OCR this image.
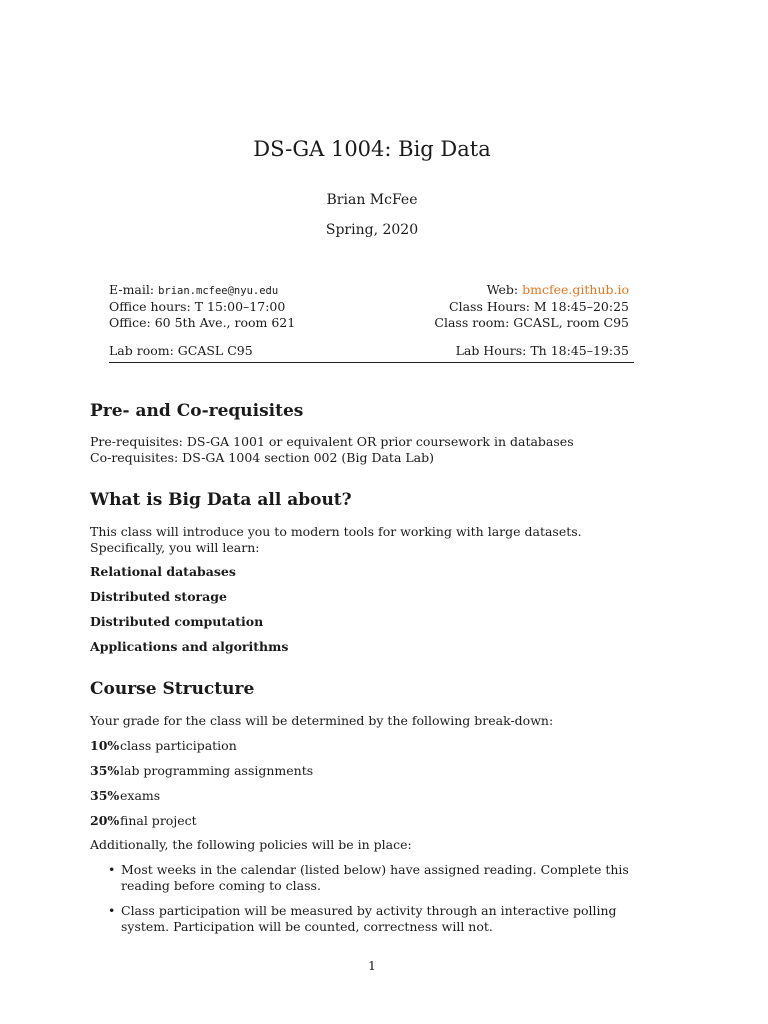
DS-GA 1004: Big Data
Brian McFee
Spring, 2020
E-mail: brian.mcfee@nyu.edu	Web: bmcfee.github.io
Office hours: T 15:00–17:00	Class Hours: M 18:45–20:25
Office: 60 5th Ave., room 621	Class room: GCASL, room C95
Lab room: GCASL C95	Lab Hours: Th 18:45–19:35
Pre- and Co-requisites
Pre-requisites: DS-GA 1001 or equivalent OR prior coursework in databases
Co-requisites: DS-GA 1004 section 002 (Big Data Lab)
What is Big Data all about?
This class will introduce you to modern tools for working with large datasets. Specifically, you will learn:
Relational databases
Distributed storage
Distributed computation
Applications and algorithms
Course Structure
Your grade for the class will be determined by the following break-down:
10%class participation
35%lab programming assignments
35%exams
20%final project
Additionally, the following policies will be in place:
• Most weeks in the calendar (listed below) have assigned reading. Complete this reading before coming to class.
• Class participation will be measured by activity through an interactive polling system. Participation will be counted, correctness will not.
1
